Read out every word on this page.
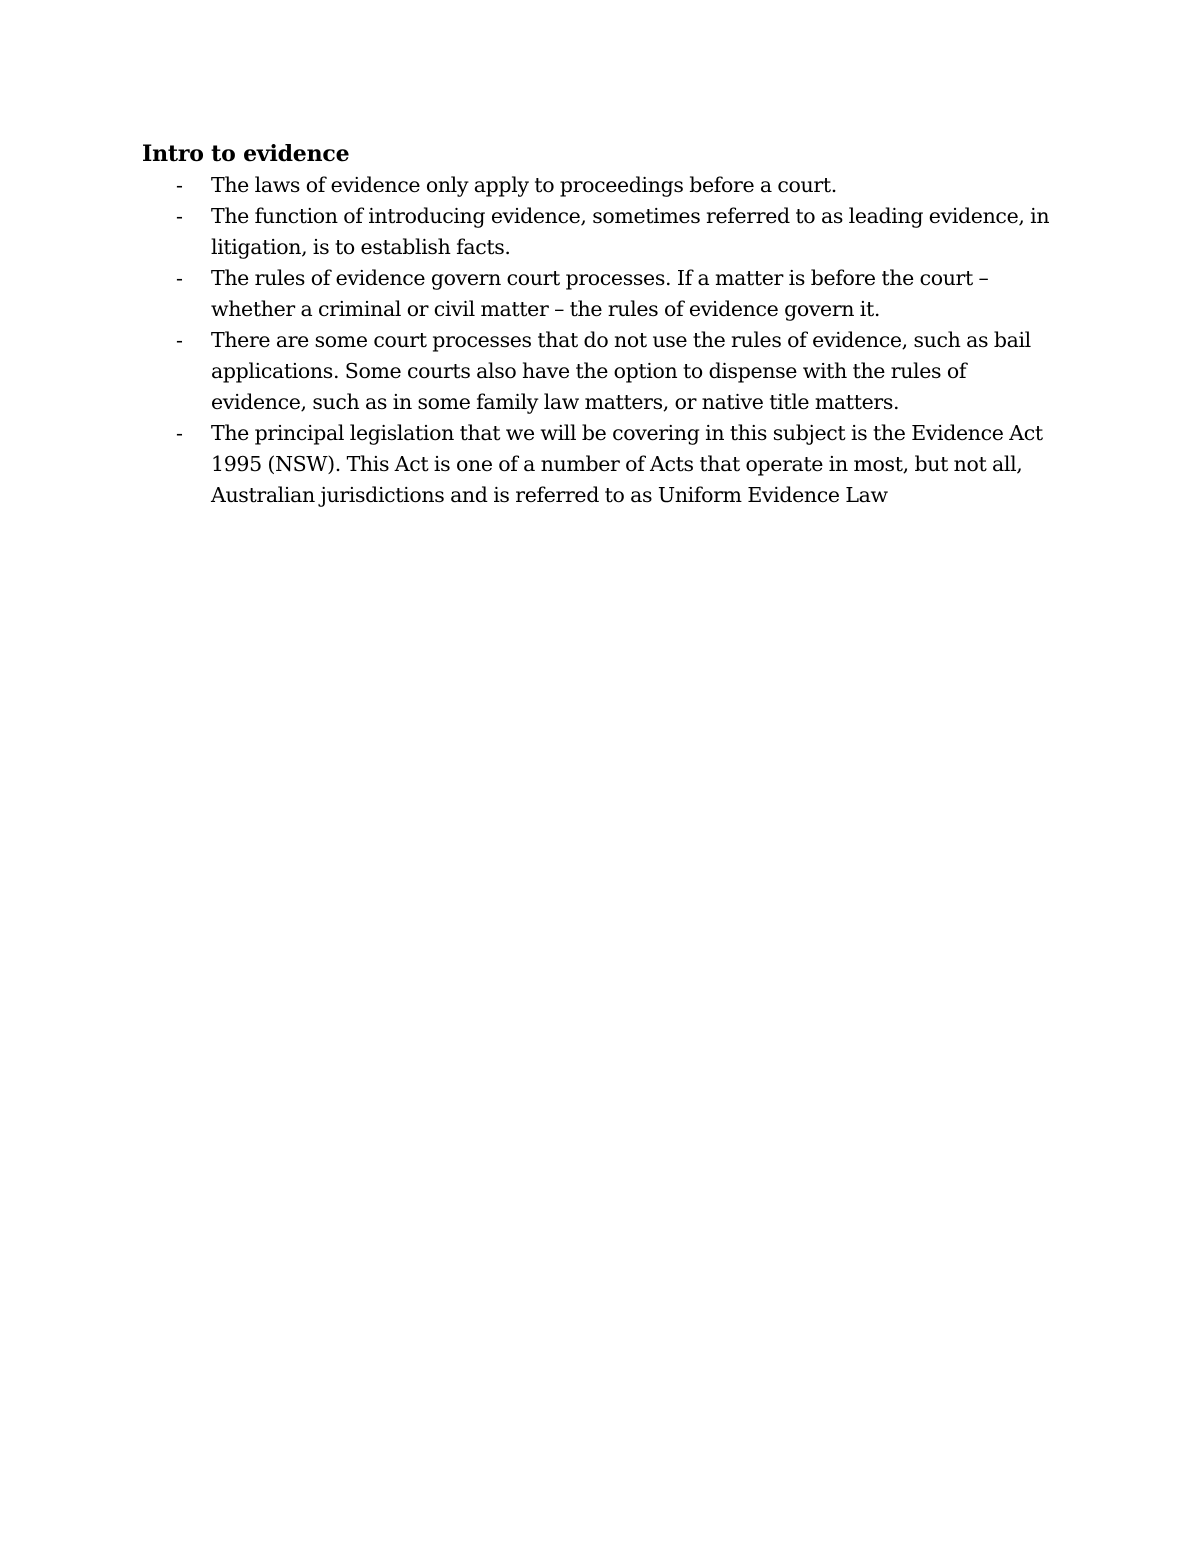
Intro to evidence
- The laws of evidence only apply to proceedings before a court.
- The function of introducing evidence, sometimes referred to as leading evidence, in litigation, is to establish facts.
- The rules of evidence govern court processes. If a matter is before the court – whether a criminal or civil matter – the rules of evidence govern it.
- There are some court processes that do not use the rules of evidence, such as bail applications. Some courts also have the option to dispense with the rules of evidence, such as in some family law matters, or native title matters.
- The principal legislation that we will be covering in this subject is the Evidence Act 1995 (NSW). This Act is one of a number of Acts that operate in most, but not all, Australian jurisdictions and is referred to as Uniform Evidence Law
